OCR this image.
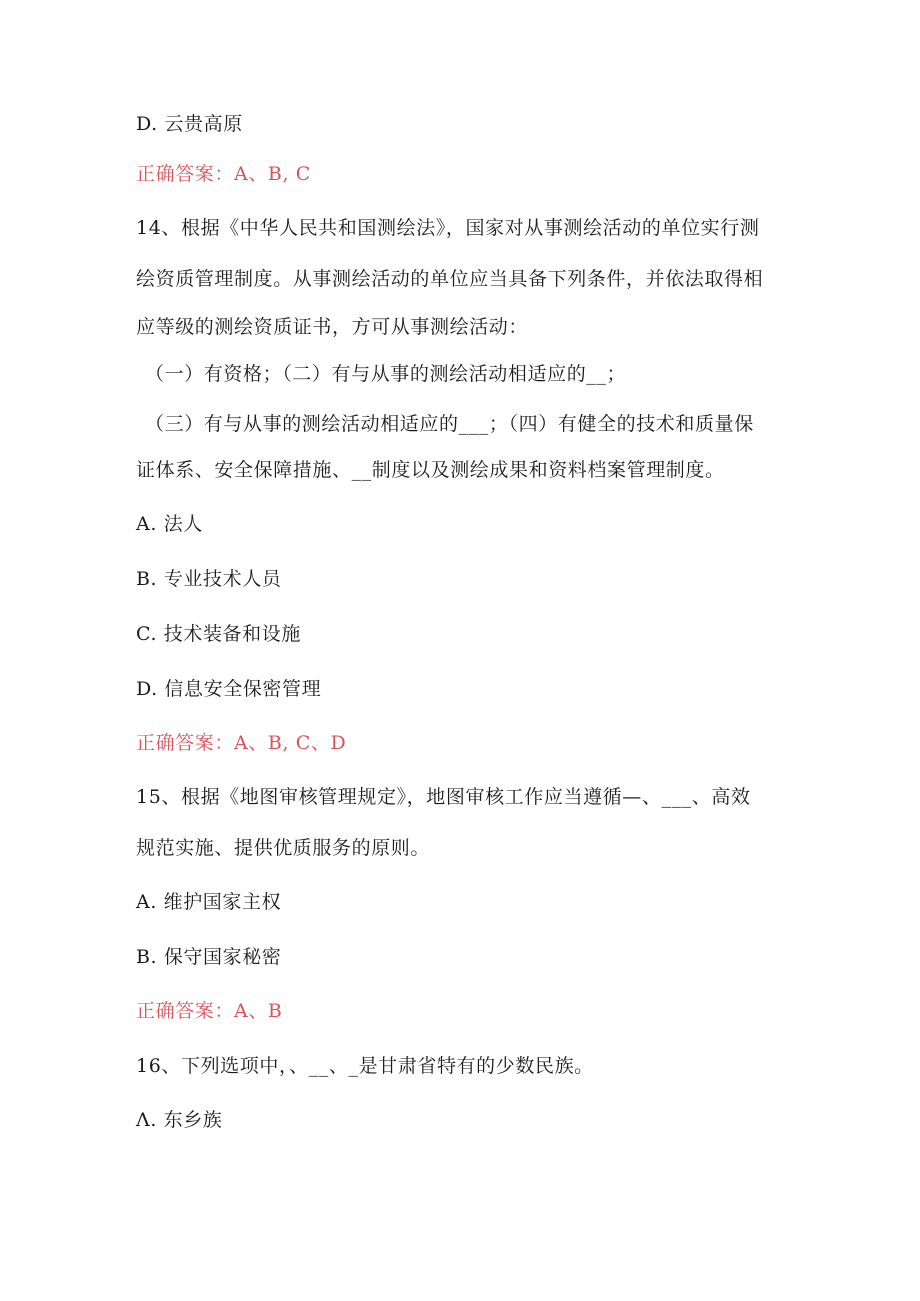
D. 云贵高原
正确答案：A、B, C
14、根据《中华人民共和国测绘法》，国家对从事测绘活动的单位实行测
绘资质管理制度。从事测绘活动的单位应当具备下列条件，并依法取得相
应等级的测绘资质证书，方可从事测绘活动：
（一）有资格；（二）有与从事的测绘活动相适应的__；
（三）有与从事的测绘活动相适应的___；（四）有健全的技术和质量保
证体系、安全保障措施、__制度以及测绘成果和资料档案管理制度。
A. 法人
B. 专业技术人员
C. 技术装备和设施
D. 信息安全保密管理
正确答案：A、B, C、D
15、根据《地图审核管理规定》，地图审核工作应当遵循—、___、高效
规范实施、提供优质服务的原则。
A. 维护国家主权
B. 保守国家秘密
正确答案：A、B
16、下列选项中，、__、_是甘肃省特有的少数民族。
Λ. 东乡族
